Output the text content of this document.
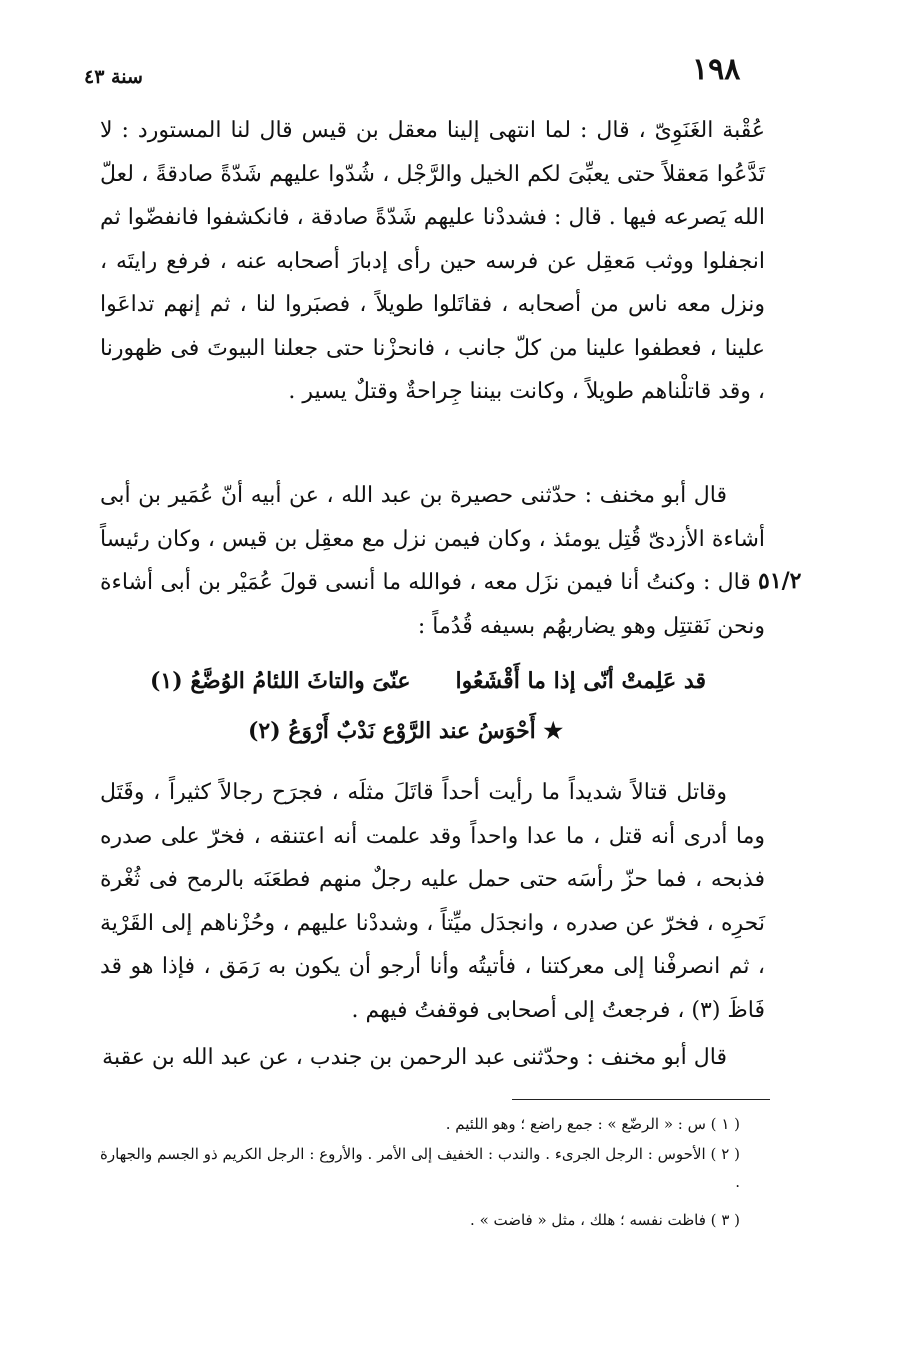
١٩٨
سنة ٤٣

عُقْبة الغَنَوِىّ ، قال : لما انتهى إلينا معقل بن قيس قال لنا المستورد : لا تَدَّعُوا مَعقلاً حتى يعبِّىَ لكم الخيل والرَّجْل ، شُدّوا عليهم شَدّةً صادقةً ، لعلّ الله يَصرعه فيها . قال : فشددْنا عليهم شَدّةً صادقة ، فانكشفوا فانفضّوا ثم انجفلوا ووثب مَعقِل عن فرسه حين رأى إدبارَ أصحابه عنه ، فرفع رايتَه ، ونزل معه ناس من أصحابه ، فقاتَلوا طويلاً ، فصبَروا لنا ، ثم إنهم تداعَوا علينا ، فعطفوا علينا من كلّ جانب ، فانحزْنا حتى جعلنا البيوتَ فى ظهورنا ، وقد قاتلْناهم طويلاً ، وكانت بيننا جِراحةٌ وقتلٌ يسير .

قال أبو مخنف : حدّثنى حصيرة بن عبد الله ، عن أبيه أنّ عُمَير بن أبى أشاءة الأزدىّ قُتِل يومئذ ، وكان فيمن نزل مع معقِل بن قيس ، وكان رئيساً . قال : وكنتُ أنا فيمن نزَل معه ، فوالله ما أنسى قولَ عُمَيْر بن أبى أشاءة ونحن نَقتتِل وهو يضاربهُم بسيفه قُدُماً :

٥١/٢
قد عَلِمتْ أنّى إذا ما أَقْشَعُوا
عنّىَ والتاثَ اللئامُ الوُضَّعُ (١)
★ أَحْوَسُ عند الرَّوْع نَدْبٌ أَرْوَعُ (٢)

وقاتل قتالاً شديداً ما رأيت أحداً قاتَلَ مثلَه ، فجرَح رجالاً كثيراً ، وقَتَل وما أدرى أنه قتل ، ما عدا واحداً وقد علمت أنه اعتنقه ، فخرّ على صدره فذبحه ، فما حزّ رأسَه حتى حمل عليه رجلٌ منهم فطعَنَه بالرمح فى ثُغْرة نَحرِه ، فخرّ عن صدره ، وانجدَل ميِّتاً ، وشددْنا عليهم ، وحُزْناهم إلى القَرْية ، ثم انصرفْنا إلى معركتنا ، فأتيتُه وأنا أرجو أن يكون به رَمَق ، فإذا هو قد فَاظَ (٣) ، فرجعتُ إلى أصحابى فوقفتُ فيهم .

قال أبو مخنف : وحدّثنى عبد الرحمن بن جندب ، عن عبد الله بن عقبة

( ١ ) س : « الرضّع » : جمع راضع ؛ وهو اللئيم .

( ٢ ) الأحوس : الرجل الجرىء . والندب : الخفيف إلى الأمر . والأروع : الرجل الكريم ذو الجسم والجهارة .

( ٣ ) فاظت نفسه ؛ هلك ، مثل « فاضت » .
